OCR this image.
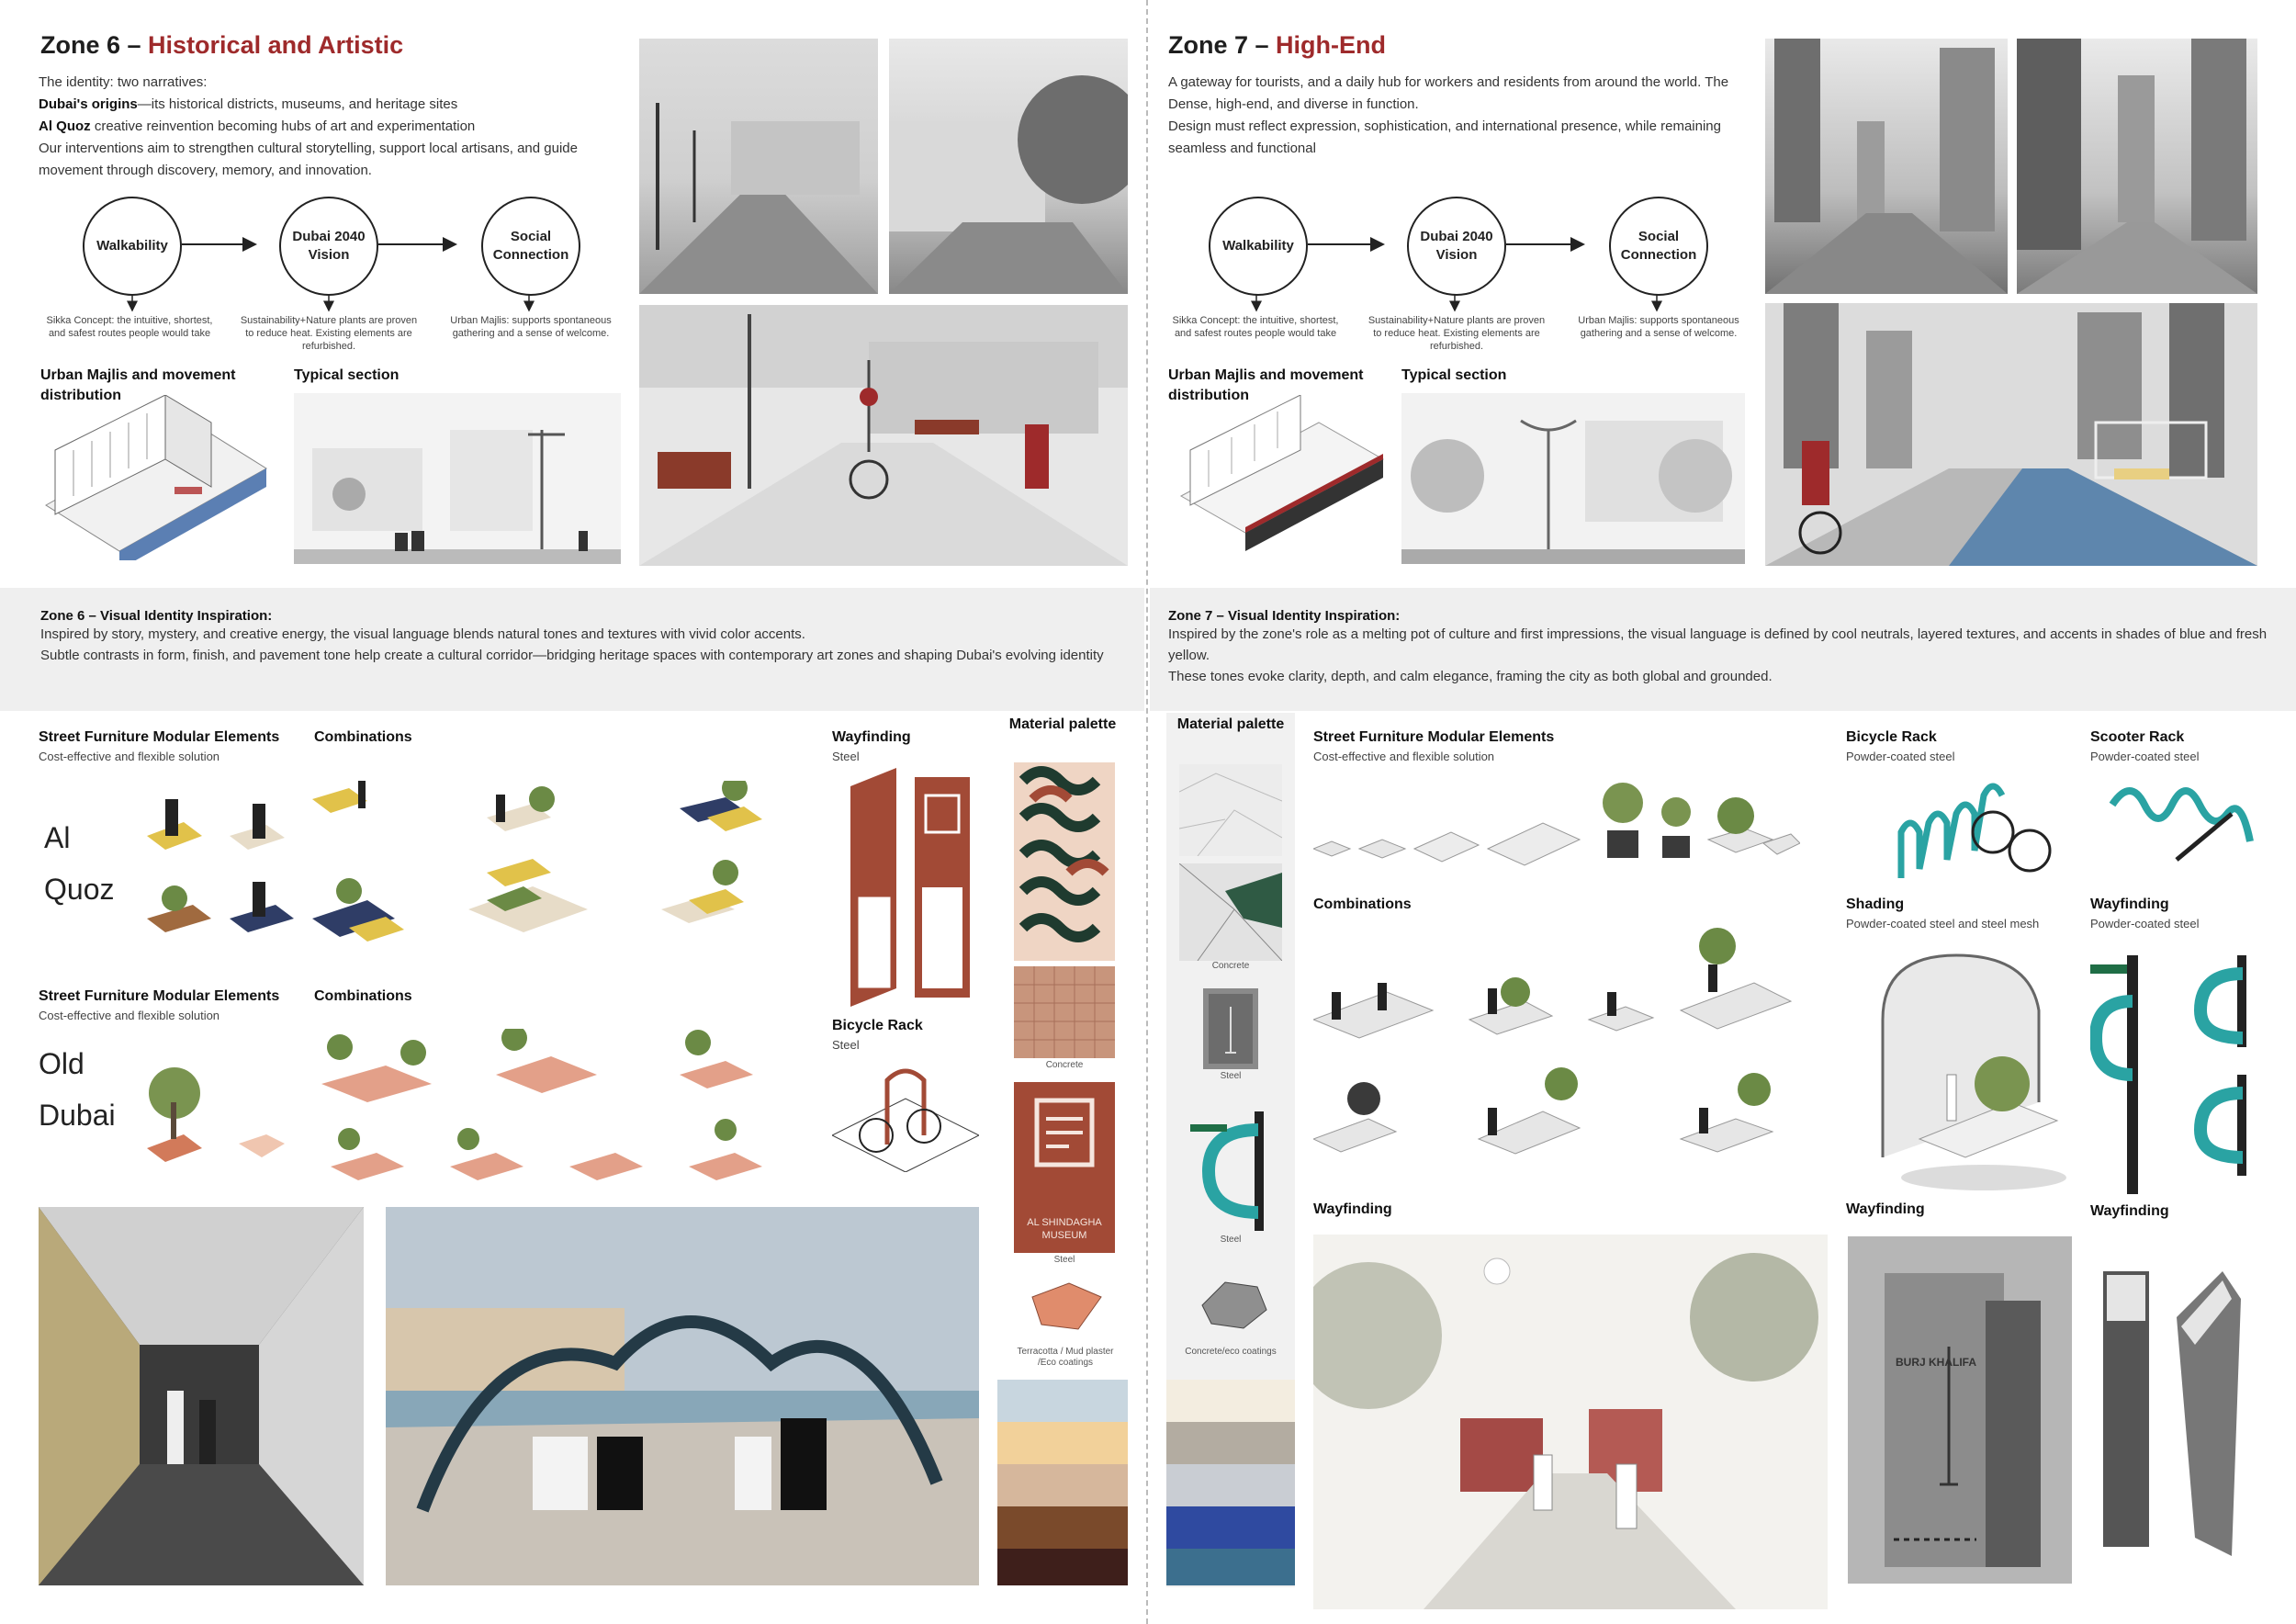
Zone 6 – Historical and Artistic
The identity: two narratives:
Dubai's origins—its historical districts, museums, and heritage sites
Al Quoz creative reinvention becoming hubs of art and experimentation
Our interventions aim to strengthen cultural storytelling, support local artisans, and guide movement through discovery, memory, and innovation.
Walkability
Dubai 2040 Vision
Social Connection
Sikka Concept: the intuitive, shortest, and safest routes people would take
Sustainability+Nature plants are proven to reduce heat. Existing elements are refurbished.
Urban Majlis: supports spontaneous gathering and a sense of welcome.
Urban Majlis and movement distribution
Typical section
Zone 7 – High-End
A gateway for tourists, and a daily hub for workers and residents from around the world. The Dense, high-end, and diverse in function.
Design must reflect expression, sophistication, and international presence, while remaining seamless and functional
Walkability
Dubai 2040 Vision
Social Connection
Sikka Concept: the intuitive, shortest, and safest routes people would take
Sustainability+Nature plants are proven to reduce heat. Existing elements are refurbished.
Urban Majlis: supports spontaneous gathering and a sense of welcome.
Urban Majlis and movement distribution
Typical section
Zone 6 – Visual Identity Inspiration:
Inspired by story, mystery, and creative energy, the visual language blends natural tones and textures with vivid color accents.
Subtle contrasts in form, finish, and pavement tone help create a cultural corridor—bridging heritage spaces with contemporary art zones and shaping Dubai's evolving identity
Zone 7 – Visual Identity Inspiration:
Inspired by the zone's role as a melting pot of culture and first impressions, the visual language is defined by cool neutrals, layered textures, and accents in shades of blue and fresh yellow.
These tones evoke clarity, depth, and calm elegance, framing the city as both global and grounded.
Street Furniture Modular Elements
Cost-effective and flexible solution
Combinations
Al
Quoz
Street Furniture Modular Elements
Cost-effective and flexible solution
Combinations
Old
Dubai
Wayfinding
Steel
Bicycle Rack
Steel
Material palette
Concrete
AL SHINDAGHA MUSEUM
Steel
Terracotta / Mud plaster /Eco coatings
Material palette
Concrete
Steel
Steel
Concrete/eco coatings
Street Furniture Modular Elements
Cost-effective and flexible solution
Combinations
Wayfinding
Bicycle Rack
Powder-coated steel
Scooter Rack
Powder-coated steel
Shading
Powder-coated steel and steel mesh
Wayfinding
Powder-coated steel
Wayfinding
BURJ KHALIFA
Wayfinding
